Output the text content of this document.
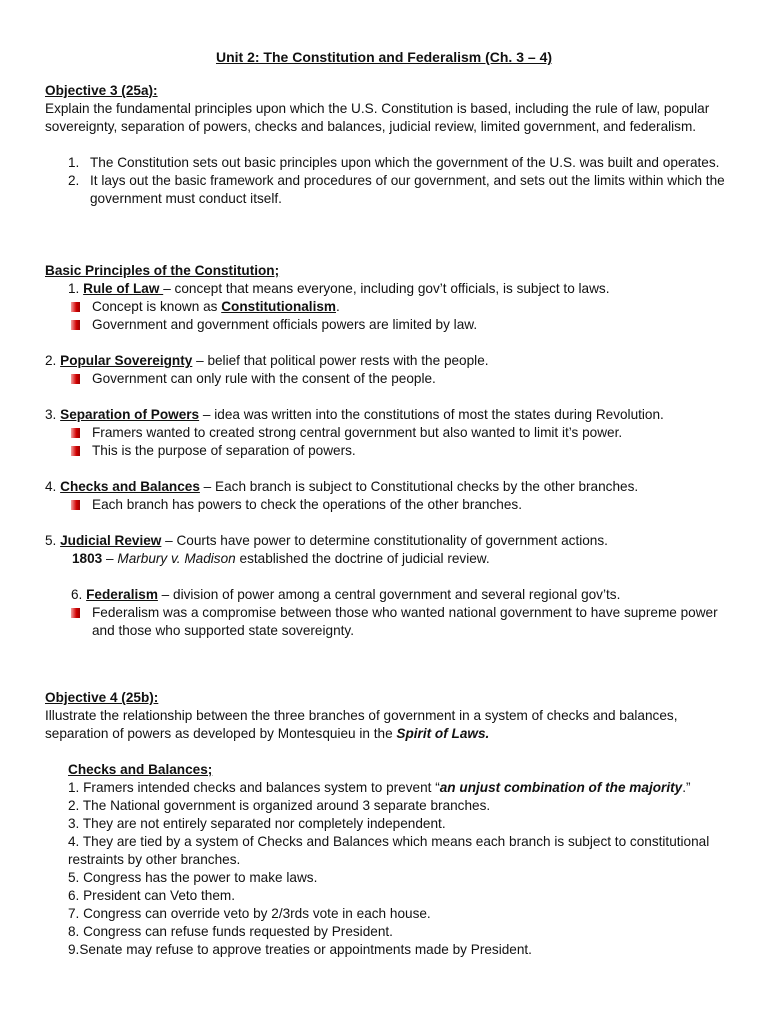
Unit 2: The Constitution and Federalism (Ch. 3 – 4)
Objective 3 (25a):
Explain the fundamental principles upon which the U.S. Constitution is based, including the rule of law, popular sovereignty, separation of powers, checks and balances, judicial review, limited government, and federalism.
1. The Constitution sets out basic principles upon which the government of the U.S. was built and operates.
2. It lays out the basic framework and procedures of our government, and sets out the limits within which the government must conduct itself.
Basic Principles of the Constitution;
1. Rule of Law – concept that means everyone, including gov’t officials, is subject to laws.
Concept is known as Constitutionalism.
Government and government officials powers are limited by law.
2. Popular Sovereignty – belief that political power rests with the people.
Government can only rule with the consent of the people.
3. Separation of Powers – idea was written into the constitutions of most the states during Revolution.
Framers wanted to created strong central government but also wanted to limit it’s power.
This is the purpose of separation of powers.
4. Checks and Balances – Each branch is subject to Constitutional checks by the other branches.
Each branch has powers to check the operations of the other branches.
5. Judicial Review – Courts have power to determine constitutionality of government actions.
1803 – Marbury v. Madison established the doctrine of judicial review.
6. Federalism – division of power among a central government and several regional gov’ts.
Federalism was a compromise between those who wanted national government to have supreme power and those who supported state sovereignty.
Objective 4 (25b):
Illustrate the relationship between the three branches of government in a system of checks and balances, separation of powers as developed by Montesquieu in the Spirit of Laws.
Checks and Balances;
1. Framers intended checks and balances system to prevent “an unjust combination of the majority.”
2. The National government is organized around 3 separate branches.
3. They are not entirely separated nor completely independent.
4. They are tied by a system of Checks and Balances which means each branch is subject to constitutional restraints by other branches.
5. Congress has the power to make laws.
6. President can Veto them.
7. Congress can override veto by 2/3rds vote in each house.
8. Congress can refuse funds requested by President.
9.Senate may refuse to approve treaties or appointments made by President.
